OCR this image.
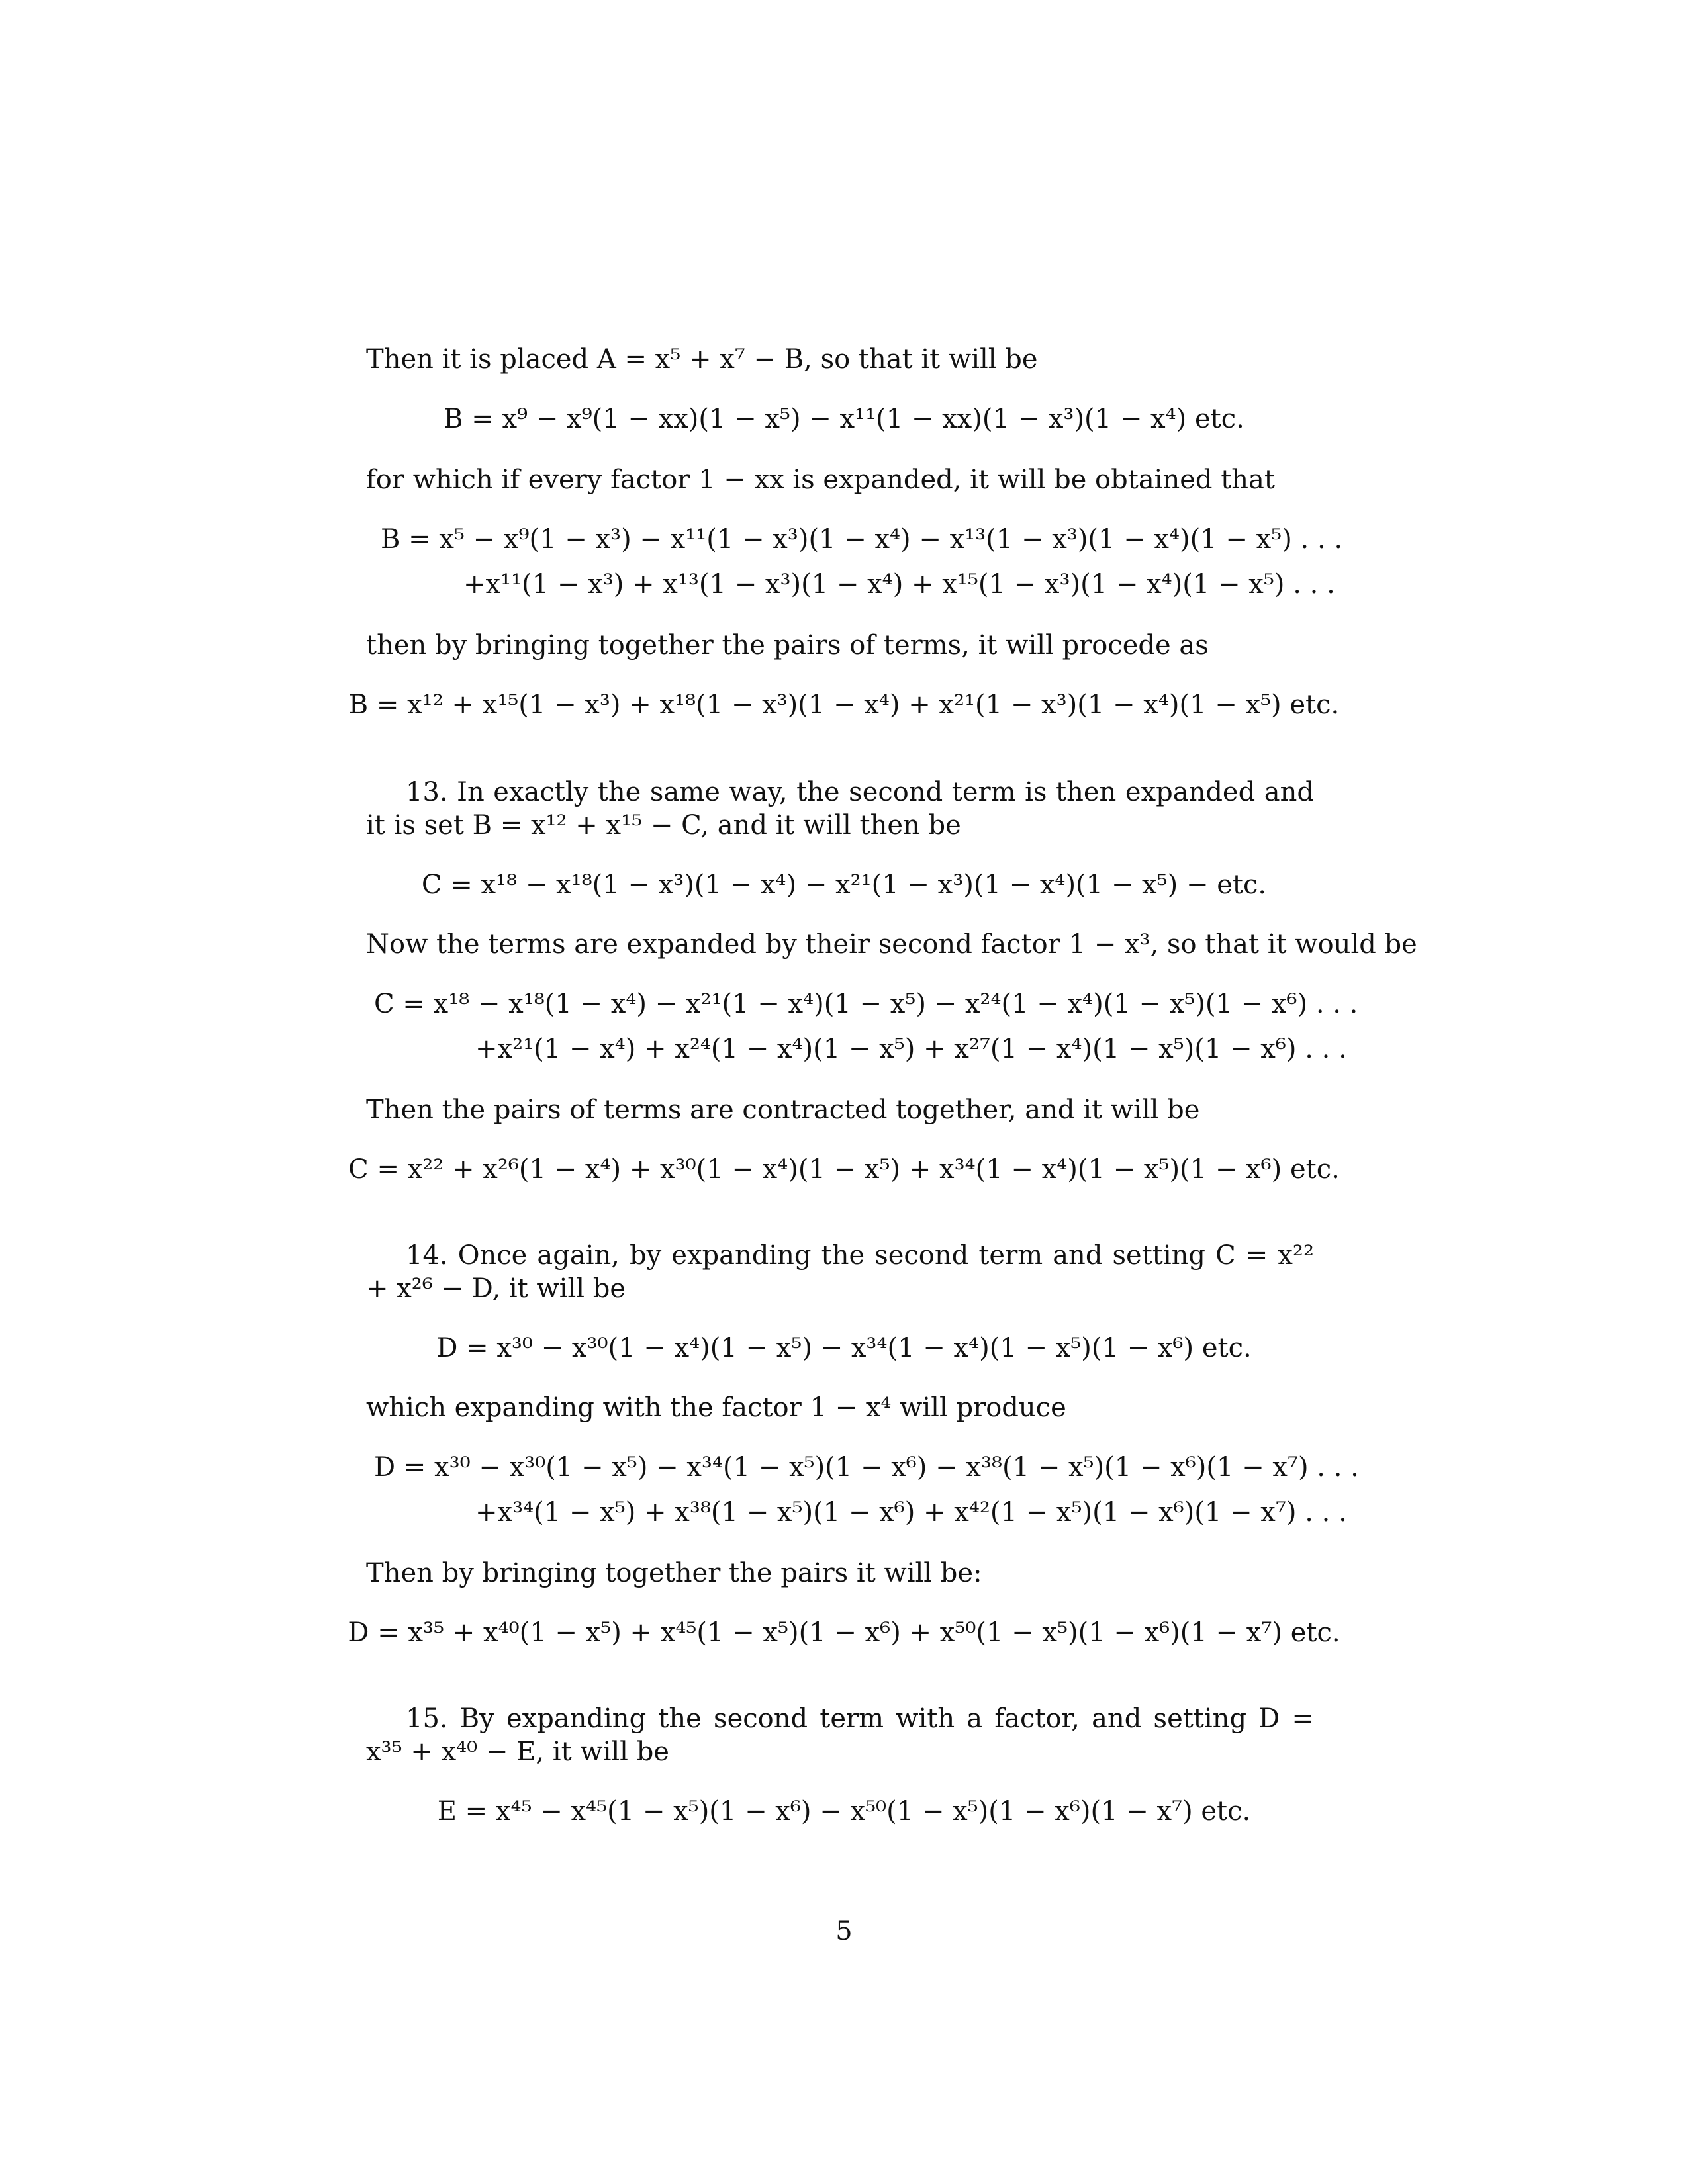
Then it is placed A = x⁵ + x⁷ − B, so that it will be
B = x⁹ − x⁹(1 − xx)(1 − x⁵) − x¹¹(1 − xx)(1 − x³)(1 − x⁴) etc.
for which if every factor 1 − xx is expanded, it will be obtained that
B = x⁵ − x⁹(1 − x³) − x¹¹(1 − x³)(1 − x⁴) − x¹³(1 − x³)(1 − x⁴)(1 − x⁵) . . .
+x¹¹(1 − x³) + x¹³(1 − x³)(1 − x⁴) + x¹⁵(1 − x³)(1 − x⁴)(1 − x⁵) . . .
then by bringing together the pairs of terms, it will procede as
B = x¹² + x¹⁵(1 − x³) + x¹⁸(1 − x³)(1 − x⁴) + x²¹(1 − x³)(1 − x⁴)(1 − x⁵) etc.
13. In exactly the same way, the second term is then expanded and it is set B = x¹² + x¹⁵ − C, and it will then be
C = x¹⁸ − x¹⁸(1 − x³)(1 − x⁴) − x²¹(1 − x³)(1 − x⁴)(1 − x⁵) − etc.
Now the terms are expanded by their second factor 1 − x³, so that it would be
C = x¹⁸ − x¹⁸(1 − x⁴) − x²¹(1 − x⁴)(1 − x⁵) − x²⁴(1 − x⁴)(1 − x⁵)(1 − x⁶) . . .
+x²¹(1 − x⁴) + x²⁴(1 − x⁴)(1 − x⁵) + x²⁷(1 − x⁴)(1 − x⁵)(1 − x⁶) . . .
Then the pairs of terms are contracted together, and it will be
C = x²² + x²⁶(1 − x⁴) + x³⁰(1 − x⁴)(1 − x⁵) + x³⁴(1 − x⁴)(1 − x⁵)(1 − x⁶) etc.
14. Once again, by expanding the second term and setting C = x²² + x²⁶ − D, it will be
D = x³⁰ − x³⁰(1 − x⁴)(1 − x⁵) − x³⁴(1 − x⁴)(1 − x⁵)(1 − x⁶) etc.
which expanding with the factor 1 − x⁴ will produce
D = x³⁰ − x³⁰(1 − x⁵) − x³⁴(1 − x⁵)(1 − x⁶) − x³⁸(1 − x⁵)(1 − x⁶)(1 − x⁷) . . .
+x³⁴(1 − x⁵) + x³⁸(1 − x⁵)(1 − x⁶) + x⁴²(1 − x⁵)(1 − x⁶)(1 − x⁷) . . .
Then by bringing together the pairs it will be:
D = x³⁵ + x⁴⁰(1 − x⁵) + x⁴⁵(1 − x⁵)(1 − x⁶) + x⁵⁰(1 − x⁵)(1 − x⁶)(1 − x⁷) etc.
15. By expanding the second term with a factor, and setting D = x³⁵ + x⁴⁰ − E, it will be
E = x⁴⁵ − x⁴⁵(1 − x⁵)(1 − x⁶) − x⁵⁰(1 − x⁵)(1 − x⁶)(1 − x⁷) etc.
5
